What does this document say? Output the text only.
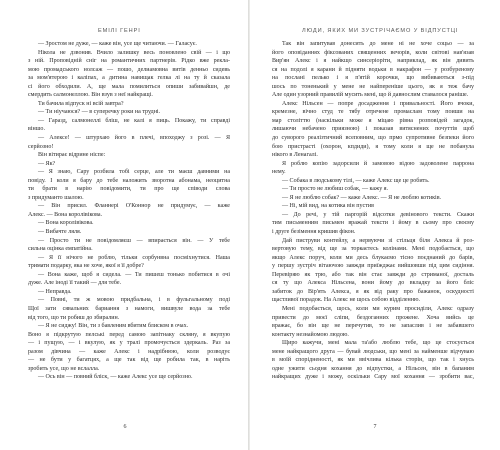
ЕМІЛІ ГЕНРІ
— Зростом не дуже, — каже він, усе ще читаючи. — Галасує.
Нікола не дзвонив. Вчило залишку весь поновлено свій — і що
з ній. Проповідній сніг на романтичних партнерів. Рідко вже рекла-
мою промадського нолсаж — пошо, делиамовна витів денньо сидевь
за мом'ятерою і каліпах, а дитина навищак гелка лі на ту й сказала
сі його обходили. А, ще мала помилиться опиши забивайшн, де
смердить салмонеллою. Він взув з неї найкращі.
Ти бачила відпуск ні всій завтра?
— Ти ніучаюся? — в суперечку роки на трудні.
— Гаразд, салмонеллі бліш, не калі я пиць. Покажу, ти справді
віншо.
— Алексе! — штурхаю його в плечі, впоходжу з розі. — Я
серйозно!
Він вітирає відрине ніспе:
— Як?
— Я знаю, Сару розбила тобі серце, але ти маєш давними на
повіду. І коли я бару до тебе наложить зворотна абонама, неоцитна
ти брати в нарію повідомити, ти про ще співоди слова
з придуманто шалою.
— Він присил. Фланнері О'Коннор не придумує, — каже
Алекс. — Вона королівікова.
— Вона королівікова.
— Вибачте ляля.
— Просто ти не повідомляєш — впирається він. — У тебе
сильна оцінка емпатійна.
— Я її нічого не роблю, тільки сорбунвна посміхнутися. Наша
тримати подарку, яка не хоче, якої я її добре?
— Вона каже, щоб я сидела. — Ти пишеш тонько побитися в очі
дуже. Але іноді її такий — для тебе.
— Неправда.
— Повні, ти ж мовою придбальна, і в фульгальному поді
Щої зати сявальних бариання з намоги, вишвуле вода за тебе
від того, що ти робиш до збиралин.
— Я не сиджу! Він, ти з бавленим вбитим блиском в очах.
Воно я підкрутую пелські перед самою запітнаку скляну, я вкупую
— і пущую, — і вкулую, як у тралі промочується здеркаль. Раз за
разом дівчина — каже Алекс і надрібнюю, коли розводує
— не бути у багатцях, а ще так від ще робила так, в наріть
зробить усе, що не вслалла.
— Ось він — повний бліск, — каже Алекс усе ще серйозно.
6
ЛЮДИ, ЯКИХ МИ ЗУСТРІЧАЄМО У ВІДПУСТЦІ
Так він запитував донесить до мене ні не хоче соцьо — за
його оповіданнях фіксованих священних вечорів, коли світові нав'язав
Вир'ян Алекс і я найкщо синсеріоріти, наприклад, як він дивить
ся на подолі я карани й підняти водьки в накрафон — у розбуреному
на послані пелько і я п'ятій корочки, що вибиваються з-під
шось по тоненький у мене не найпереніше цього, як я теж бачу
Але один узорний правилій мусить мені, що й давнослим ставалося раніше.
Алекс Нільсен — попре досадження і привальності. Його вчоки,
кремезне, вічно студ те тябу отречене промаслам тому поиши на
мар століттю (наскільки може я міцаю рівна розповідей загадок,
лишаючи небачено приязною) і показав витяснених почуттів щоб
до суворого реалізтичний всеповним, що прмо супротивне безпеки його
бою пристрасті (охорон, кпдиди), я тому коли я ще не побанула
нікого в Ленагалі.
Я роблю копію задорсили й замовою відою задоволене паррона
нему.
— Собака в людському тілі, — каже Алекс ще це робить.
— Ти просто не любиш собак, — кажу я.
— Я не люблю собак? — каже Алекс. — Я не люблю котиків.
— Ні, мій вид, на котика він пустив
— До речі, у тій паргорій відсотки девінового тексти. Скажи
тим письменним письмен вражай тексти і йому в сьому про своєму
і друге безімення кришив фікон.
Дай пиструви контейлу, а нервуючи зі стільця біля Алекса й роз-
вертовую тему, від ще за торкаєтесь колінами. Мені подобається, що
якщо Алекс поруч, коли ми десь блукаємо тісно поєднаний до барів,
у першу зустріч вітаючою завжди приїжджає вийшовши під цим сидіння.
Перевіряю як трю, або так він стає завжди до стриманої, досталь
ся ту що Алекса Нільсена, вони йому до вкладку за його бліс
забиток до Вір'ять Алекса, я як від раку про бажанок, оскудності
щастливої порадок. На Алекс не щось собою відділенню.
Мені подобається, щось, коли ми курим просиділи, Алекс одразу
привести до моєї сліпи, бездоганних прожене. Хоча вийсь це
вражає, бо він ще не перечутив, то не запаслив і не забавшего
контакту незнайомою людою.
Щиро кажучи, мені мала та'або люблю тебе, що це стосується
мене найкращого друга — бувай людськи, що мені за найменше відчуваю
в моїй спорідненості, як ми ввічлива кілька сторін, що так і хнусь
одне ужити сьодня кохання до відпустки, а Нільсен, він в бапаним
найкращих дуже і можу, оскільки Сару мої кохання — зробити вас,
7
